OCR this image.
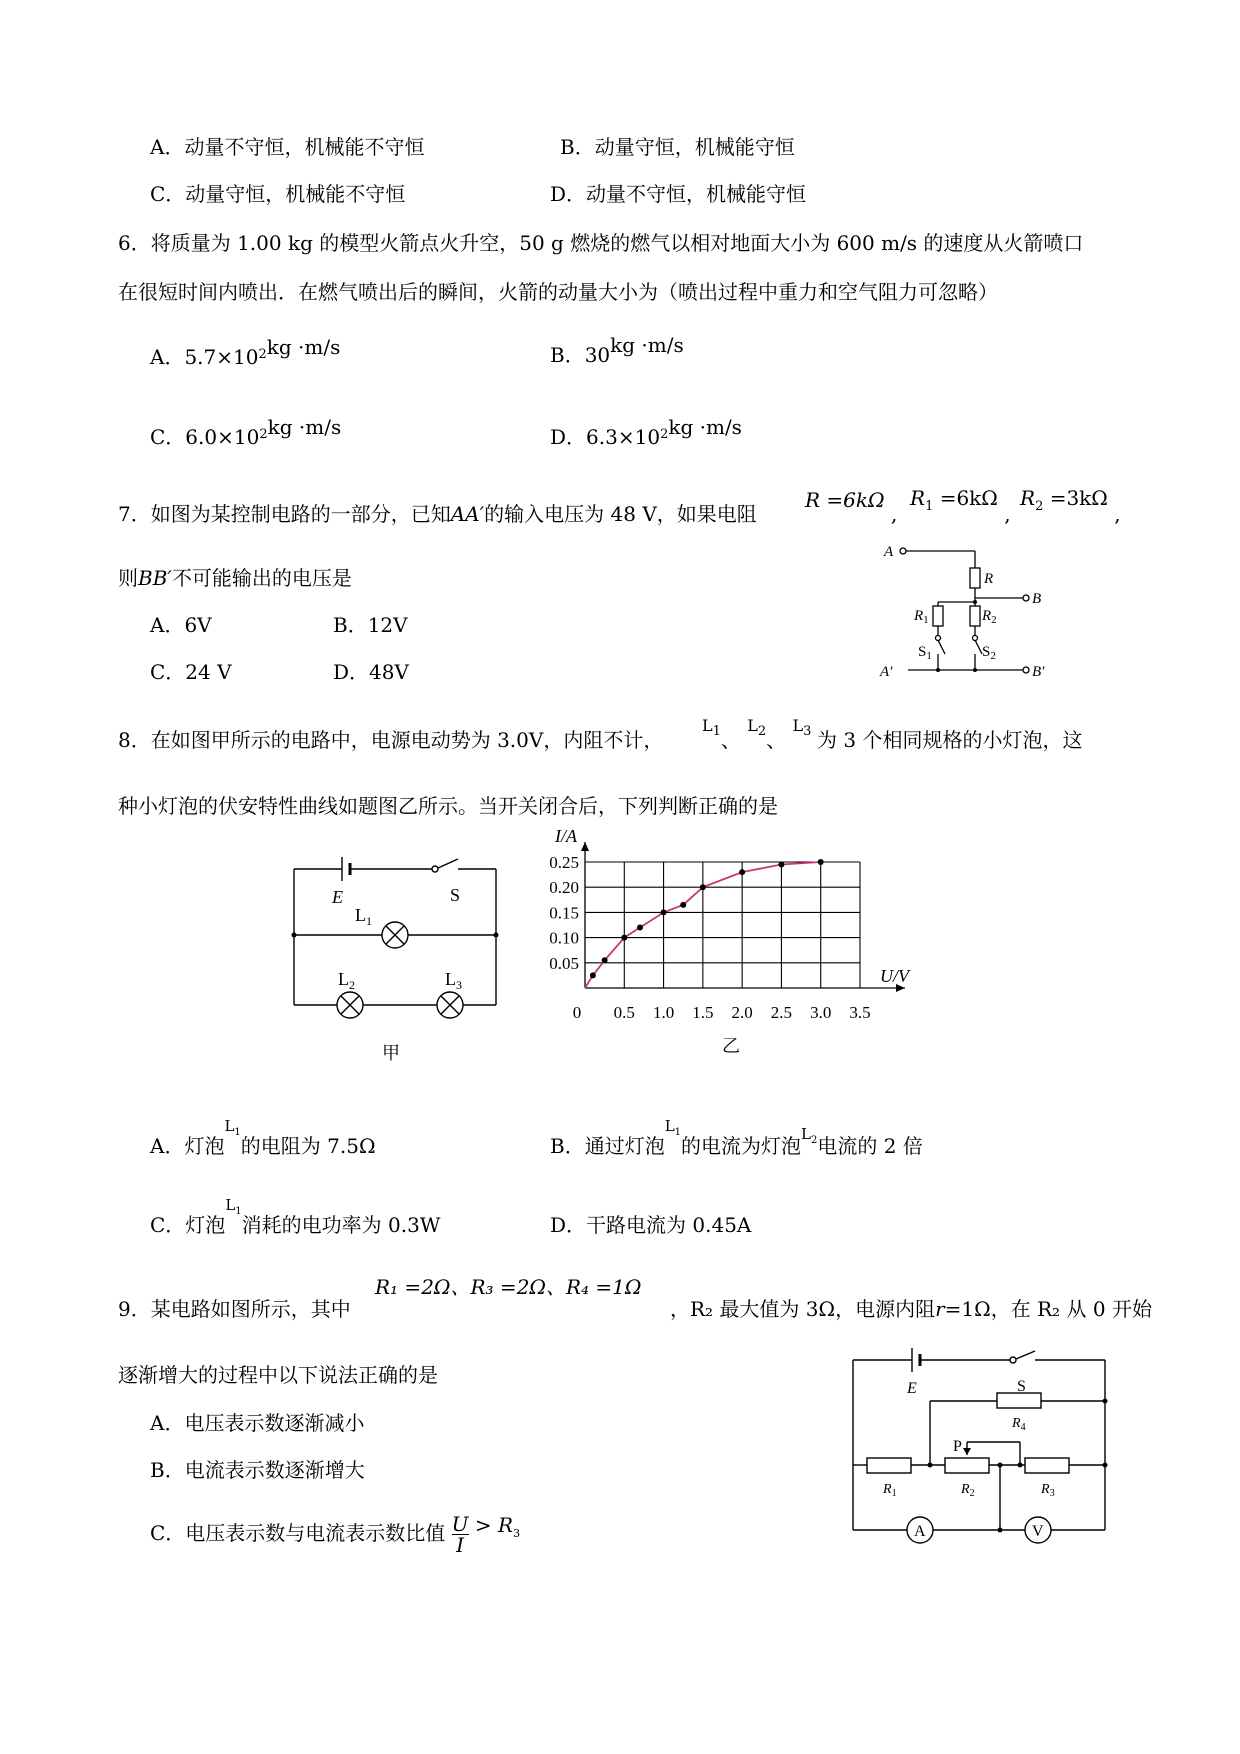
A．动量不守恒，机械能不守恒	B．动量守恒，机械能守恒
C．动量守恒，机械能不守恒	D．动量不守恒，机械能守恒
6．将质量为 1.00 kg 的模型火箭点火升空，50 g 燃烧的燃气以相对地面大小为 600 m/s 的速度从火箭喷口
在很短时间内喷出．在燃气喷出后的瞬间，火箭的动量大小为（喷出过程中重力和空气阻力可忽略）
A．$5.7\times 10^2kg \cdot m/s$	B．30kg ·m/s
C．$6.0\times 10^2kg \cdot m/s$	D．$6.3\times 10^2kg \cdot m/s$
7．如图为某控制电路的一部分，已知AA′的输入电压为 48 V，如果电阻
R =6kΩ ,
$R_1 =6k\Omega$ ,
$R_2 =3k\Omega$ ,
则BB′不可能输出的电压是
A．6V	B．12V
C．24 V	D．48V
A
R
B
$R_1$	$R_2$
$S_1$	$S_2$
A′	B′
8．在如图甲所示的电路中，电源电动势为 3.0V，内阻不计，
$L_1$、 $L_2$、 $L_3$ 为 3 个相同规格的小灯泡，这
种小灯泡的伏安特性曲线如题图乙所示。当开关闭合后，下列判断正确的是
E	S
$L_1$
$L_2$	$L_3$
甲
0.05
0.10
0.15
0.20
0.25
0 0.5 1.0 1.5 2.0 2.5 3.0 3.5
I/A
U/V
乙
A．灯泡$^{L_1}$的电阻为 7.5Ω	B．通过灯泡$^{L_1}$的电流为灯泡$^{L_2}$电流的 2 倍
C．灯泡$^{L_1}$消耗的电功率为 0.3W	D．干路电流为 0.45A
9．某电路如图所示，其中
R₁ =2Ω、R₃ =2Ω、R₄ =1Ω
，R₂ 最大值为 3Ω，电源内阻r=1Ω，在 R₂ 从 0 开始
逐渐增大的过程中以下说法正确的是
A．电压表示数逐渐减小
B．电流表示数逐渐增大
C．电压表示数与电流表示数比值 $\frac{U}{I} > R_3$
E	S
$R_4$
P
$R_1$	$R_2$	$R_3$
A	V
